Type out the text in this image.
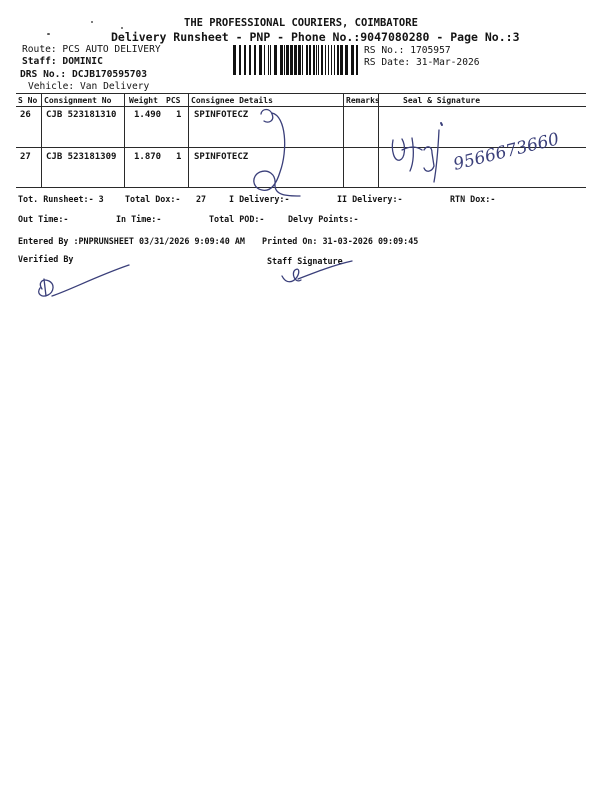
THE PROFESSIONAL COURIERS, COIMBATORE
Delivery Runsheet - PNP - Phone No.:9047080280 - Page No.:3
Route: PCS AUTO DELIVERY
Staff: DOMINIC
DRS No.: DCJB170595703
Vehicle: Van Delivery
RS No.: 1705957
RS Date: 31-Mar-2026
S No Consignment No Weight PCS Consignee Details	Remarks	Seal & Signature
26 CJB 523181310 1.490 1 SPINFOTECZ
27 CJB 523181309 1.870 1 SPINFOTECZ
Tot. Runsheet:- 3	Total Dox:- 27	I Delivery:-	II Delivery:-	RTN Dox:-
Out Time:-	In Time:-	Total POD:-	Delvy Points:-
Entered By :PNPRUNSHEET 03/31/2026 9:09:40 AM Printed On: 31-03-2026 09:09:45
Verified By	Staff Signature
9566673660
